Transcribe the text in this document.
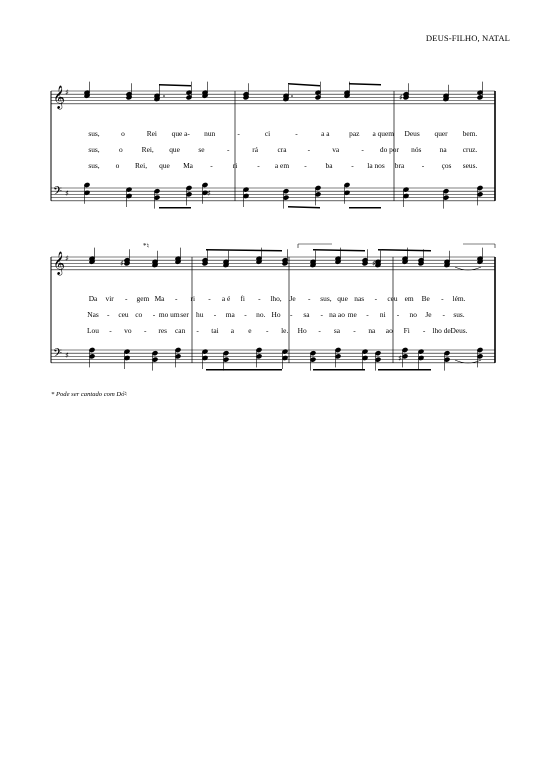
DEUS-FILHO, NATAL
𝄞
𝄢
♯
♯
♯
♯
𝄞
𝄢
♯
♯
♯	♯
♯
sus,	o	Rei que a- nun	-	ci	-	a a	paz a quem Deus quer bem.
sus,	o	Rei, que se	-	rá	cra	-	va	- do por nós na cruz.
sus, o Rei, que Ma -	ri	- a em -	ba	- la nos bra - ços seus.
Da vir - gem Ma - ri - a é fi - lho, Je - sus, que nas - ceu em Be - lém.
Nas - ceu co - mo um ser hu - ma - no. Ho - sa - na ao me - ni - no Je - sus.
Lou - vo - res can - tai a e - le. Ho - sa - na ao Fi - lho de Deus.
*♮
* Pode ser cantado com Dó♮
